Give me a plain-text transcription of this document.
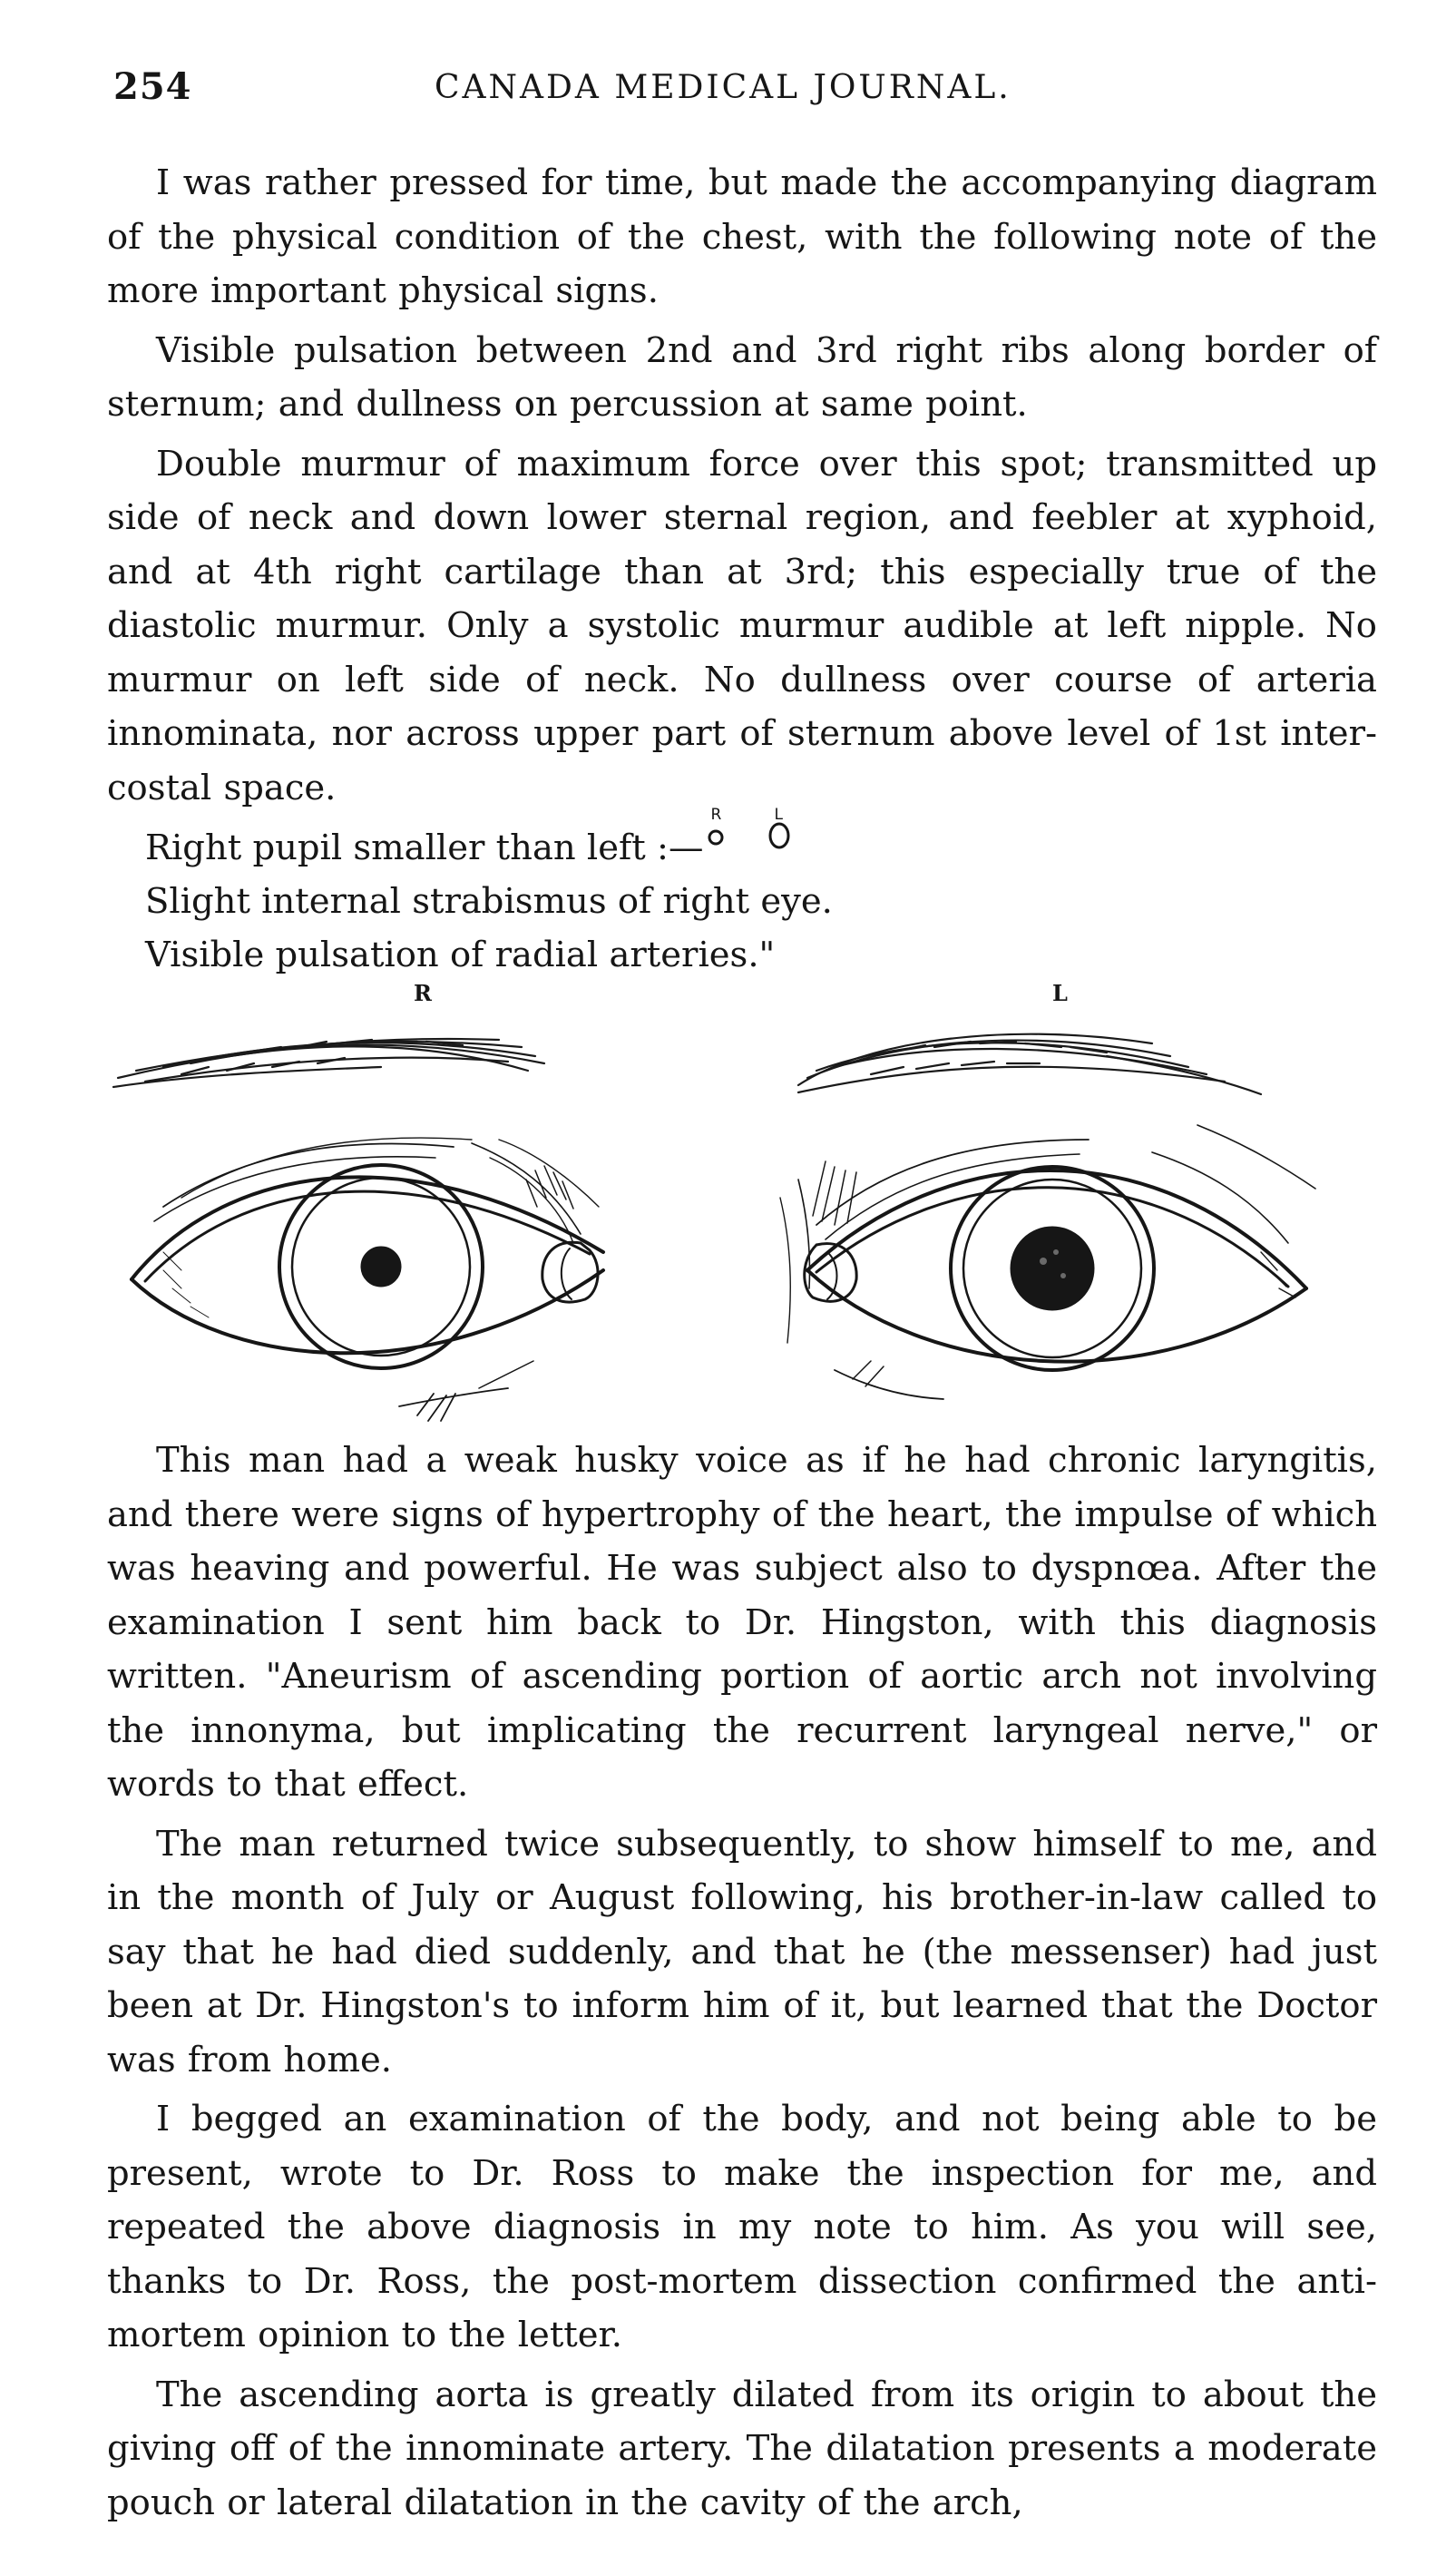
254	CANADA MEDICAL JOURNAL.

I was rather pressed for time, but made the accompanying diagram of the physical condition of the chest, with the following note of the more important physical signs.

Visible pulsation between 2nd and 3rd right ribs along border of sternum; and dullness on percussion at same point.

Double murmur of maximum force over this spot; transmitted up side of neck and down lower sternal region, and feebler at xyphoid, and at 4th right cartilage than at 3rd; this especially true of the diastolic murmur. Only a systolic murmur audible at left nipple. No murmur on left side of neck. No dullness over course of arteria innominata, nor across upper part of sternum above level of 1st inter-costal space.

Right pupil smaller than left :—
R	L
Slight internal strabismus of right eye.
Visible pulsation of radial arteries."
R	L

This man had a weak husky voice as if he had chronic laryngitis, and there were signs of hypertrophy of the heart, the impulse of which was heaving and powerful. He was subject also to dyspnœa. After the examination I sent him back to Dr. Hingston, with this diagnosis written. "Aneurism of ascending portion of aortic arch not involving the innonyma, but implicating the recurrent laryngeal nerve," or words to that effect.

The man returned twice subsequently, to show himself to me, and in the month of July or August following, his brother-in-law called to say that he had died suddenly, and that he (the messenser) had just been at Dr. Hingston's to inform him of it, but learned that the Doctor was from home.

I begged an examination of the body, and not being able to be present, wrote to Dr. Ross to make the inspection for me, and repeated the above diagnosis in my note to him. As you will see, thanks to Dr. Ross, the post-mortem dissection confirmed the anti-mortem opinion to the letter.

The ascending aorta is greatly dilated from its origin to about the giving off of the innominate artery. The dilatation presents a moderate pouch or lateral dilatation in the cavity of the arch,
